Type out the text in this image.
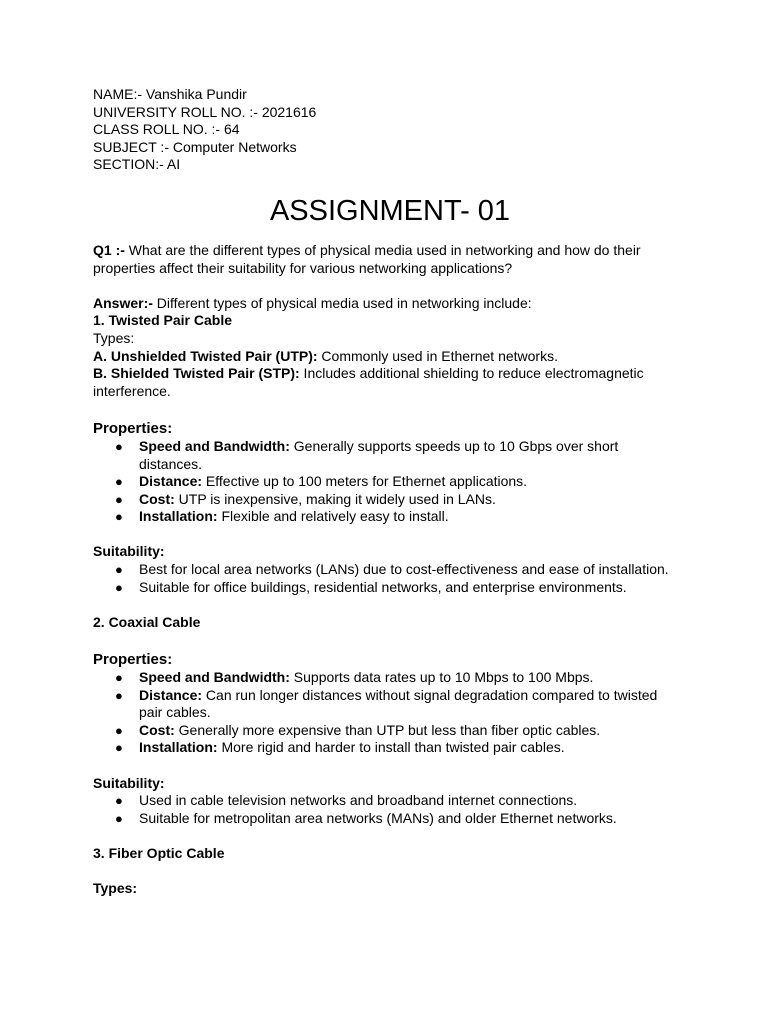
NAME:- Vanshika Pundir
UNIVERSITY ROLL NO. :- 2021616
CLASS ROLL NO. :- 64
SUBJECT :- Computer Networks
SECTION:- AI
ASSIGNMENT- 01
Q1 :- What are the different types of physical media used in networking and how do their properties affect their suitability for various networking applications?
Answer:- Different types of physical media used in networking include:
1. Twisted Pair Cable
Types:
A. Unshielded Twisted Pair (UTP): Commonly used in Ethernet networks.
B. Shielded Twisted Pair (STP): Includes additional shielding to reduce electromagnetic interference.
Properties:
● Speed and Bandwidth: Generally supports speeds up to 10 Gbps over short distances.
● Distance: Effective up to 100 meters for Ethernet applications.
● Cost: UTP is inexpensive, making it widely used in LANs.
● Installation: Flexible and relatively easy to install.
Suitability:
● Best for local area networks (LANs) due to cost-effectiveness and ease of installation.
● Suitable for office buildings, residential networks, and enterprise environments.
2. Coaxial Cable
Properties:
● Speed and Bandwidth: Supports data rates up to 10 Mbps to 100 Mbps.
● Distance: Can run longer distances without signal degradation compared to twisted pair cables.
● Cost: Generally more expensive than UTP but less than fiber optic cables.
● Installation: More rigid and harder to install than twisted pair cables.
Suitability:
● Used in cable television networks and broadband internet connections.
● Suitable for metropolitan area networks (MANs) and older Ethernet networks.
3. Fiber Optic Cable
Types:
